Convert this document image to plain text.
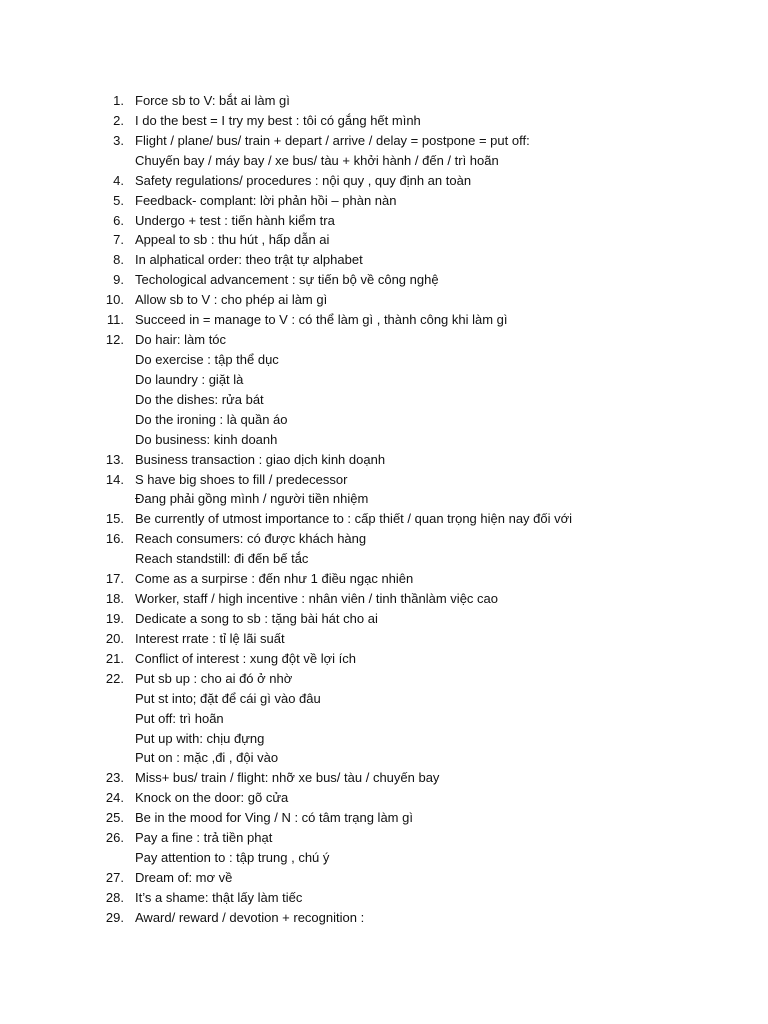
1. Force sb to V: bắt ai làm gì
2. I do the best = I try my best : tôi có gắng hết mình
3. Flight / plane/ bus/ train + depart / arrive / delay = postpone = put off:
Chuyến bay / máy bay / xe bus/ tàu + khởi hành / đến / trì hoãn
4. Safety regulations/ procedures : nội quy , quy định an toàn
5. Feedback- complant: lời phản hồi – phàn nàn
6. Undergo + test : tiến hành kiểm tra
7. Appeal to sb : thu hút , hấp dẫn ai
8. In alphatical order: theo trật tự alphabet
9. Techological advancement : sự tiến bộ về công nghệ
10. Allow sb to V : cho phép ai làm gì
11. Succeed in = manage to V : có thể làm gì , thành công khi làm gì
12. Do hair: làm tóc
Do exercise : tập thể dục
Do laundry : giặt là
Do the dishes: rửa bát
Do the ironing : là quần áo
Do business: kinh doanh
13. Business transaction : giao dịch kinh doạnh
14. S have big shoes to fill / predecessor
Đang phải gồng mình / người tiền nhiệm
15. Be currently of utmost importance to : cấp thiết / quan trọng hiện nay đối với
16. Reach consumers: có được khách hàng
Reach standstill: đi đến bế tắc
17. Come as a surpirse : đến như 1 điều ngạc nhiên
18. Worker, staff / high incentive : nhân viên / tinh thầnlàm việc cao
19. Dedicate a song to sb : tặng bài hát cho ai
20. Interest rrate : tỉ lệ lãi suất
21. Conflict of interest : xung đột về lợi ích
22. Put sb up : cho ai đó ở nhờ
Put st into; đặt để cái gì vào đâu
Put off: trì hoãn
Put up with: chịu đựng
Put on : mặc ,đi , đội vào
23. Miss+ bus/ train / flight: nhỡ xe bus/ tàu / chuyến bay
24. Knock on the door: gõ cửa
25. Be in the mood for Ving / N : có tâm trạng làm gì
26. Pay a fine : trả tiền phạt
Pay attention to : tập trung , chú ý
27. Dream of: mơ về
28. It’s a shame: thật lấy làm tiếc
29. Award/ reward / devotion + recognition :
